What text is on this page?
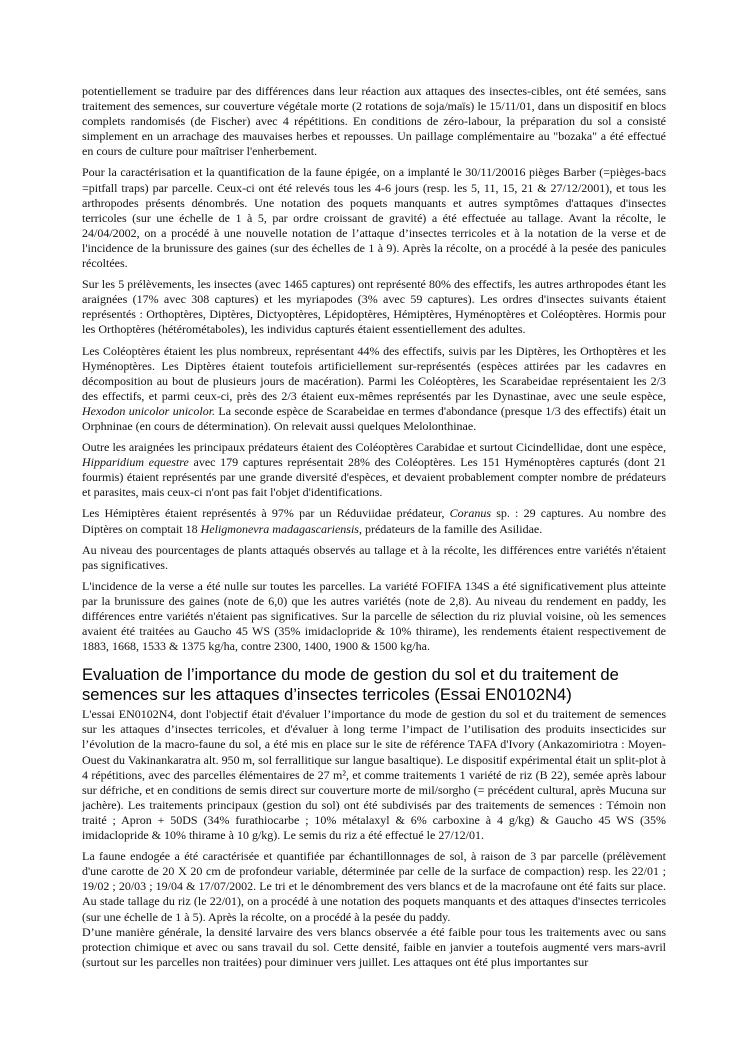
potentiellement se traduire par des différences dans leur réaction aux attaques des insectes-cibles, ont été semées, sans traitement des semences, sur couverture végétale morte (2 rotations de soja/maïs) le 15/11/01, dans un dispositif en blocs complets randomisés (de Fischer) avec 4 répétitions. En conditions de zéro-labour, la préparation du sol a consisté simplement en un arrachage des mauvaises herbes et repousses. Un paillage complémentaire au "bozaka" a été effectué en cours de culture pour maîtriser l'enherbement.

Pour la caractérisation et la quantification de la faune épigée, on a implanté le 30/11/20016 pièges Barber (=pièges-bacs =pitfall traps) par parcelle. Ceux-ci ont été relevés tous les 4-6 jours (resp. les 5, 11, 15, 21 & 27/12/2001), et tous les arthropodes présents dénombrés. Une notation des poquets manquants et autres symptômes d'attaques d'insectes terricoles (sur une échelle de 1 à 5, par ordre croissant de gravité) a été effectuée au tallage. Avant la récolte, le 24/04/2002, on a procédé à une nouvelle notation de l’attaque d’insectes terricoles et à la notation de la verse et de l'incidence de la brunissure des gaines (sur des échelles de 1 à 9). Après la récolte, on a procédé à la pesée des panicules récoltées.

Sur les 5 prélèvements, les insectes (avec 1465 captures) ont représenté 80% des effectifs, les autres arthropodes étant les araignées (17% avec 308 captures) et les myriapodes (3% avec 59 captures). Les ordres d'insectes suivants étaient représentés : Orthoptères, Diptères, Dictyoptères, Lépidoptères, Hémiptères, Hyménoptères et Coléoptères. Hormis pour les Orthoptères (hétérométaboles), les individus capturés étaient essentiellement des adultes.

Les Coléoptères étaient les plus nombreux, représentant 44% des effectifs, suivis par les Diptères, les Orthoptères et les Hyménoptères. Les Diptères étaient toutefois artificiellement sur-représentés (espèces attirées par les cadavres en décomposition au bout de plusieurs jours de macération). Parmi les Coléoptères, les Scarabeidae représentaient les 2/3 des effectifs, et parmi ceux-ci, près des 2/3 étaient eux-mêmes représentés par les Dynastinae, avec une seule espèce, Hexodon unicolor unicolor. La seconde espèce de Scarabeidae en termes d'abondance (presque 1/3 des effectifs) était un Orphninae (en cours de détermination). On relevait aussi quelques Melolonthinae.

Outre les araignées les principaux prédateurs étaient des Coléoptères Carabidae et surtout Cicindellidae, dont une espèce, Hipparidium equestre avec 179 captures représentait 28% des Coléoptères. Les 151 Hyménoptères capturés (dont 21 fourmis) étaient représentés par une grande diversité d'espèces, et devaient probablement compter nombre de prédateurs et parasites, mais ceux-ci n'ont pas fait l'objet d'identifications.

Les Hémiptères étaient représentés à 97% par un Réduviidae prédateur, Coranus sp. : 29 captures. Au nombre des Diptères on comptait 18 Heligmonevra madagascariensis, prédateurs de la famille des Asilidae.

Au niveau des pourcentages de plants attaqués observés au tallage et à la récolte, les différences entre variétés n'étaient pas significatives.

L'incidence de la verse a été nulle sur toutes les parcelles. La variété FOFIFA 134S a été significativement plus atteinte par la brunissure des gaines (note de 6,0) que les autres variétés (note de 2,8). Au niveau du rendement en paddy, les différences entre variétés n'étaient pas significatives. Sur la parcelle de sélection du riz pluvial voisine, où les semences avaient été traitées au Gaucho 45 WS (35% imidaclopride & 10% thirame), les rendements étaient respectivement de 1883, 1668, 1533 & 1375 kg/ha, contre 2300, 1400, 1900 & 1500 kg/ha.

Evaluation de l’importance du mode de gestion du sol et du traitement de semences sur les attaques d’insectes terricoles (Essai EN0102N4)

L'essai EN0102N4, dont l'objectif était d'évaluer l’importance du mode de gestion du sol et du traitement de semences sur les attaques d’insectes terricoles, et d'évaluer à long terme l’impact de l’utilisation des produits insecticides sur l’évolution de la macro-faune du sol, a été mis en place sur le site de référence TAFA d'Ivory (Ankazomiriotra : Moyen-Ouest du Vakinankaratra alt. 950 m, sol ferrallitique sur langue basaltique). Le dispositif expérimental était un split-plot à 4 répétitions, avec des parcelles élémentaires de 27 m², et comme traitements 1 variété de riz (B 22), semée après labour sur défriche, et en conditions de semis direct sur couverture morte de mil/sorgho (= précédent cultural, après Mucuna sur jachère). Les traitements principaux (gestion du sol) ont été subdivisés par des traitements de semences : Témoin non traité ; Apron + 50DS (34% furathiocarbe ; 10% métalaxyl & 6% carboxine à 4 g/kg) & Gaucho 45 WS (35% imidaclopride & 10% thirame à 10 g/kg). Le semis du riz a été effectué le 27/12/01.

La faune endogée a été caractérisée et quantifiée par échantillonnages de sol, à raison de 3 par parcelle (prélèvement d'une carotte de 20 X 20 cm de profondeur variable, déterminée par celle de la surface de compaction) resp. les 22/01 ; 19/02 ; 20/03 ; 19/04 & 17/07/2002. Le tri et le dénombrement des vers blancs et de la macrofaune ont été faits sur place. Au stade tallage du riz (le 22/01), on a procédé à une notation des poquets manquants et des attaques d'insectes terricoles (sur une échelle de 1 à 5). Après la récolte, on a procédé à la pesée du paddy.

D’une manière générale, la densité larvaire des vers blancs observée a été faible pour tous les traitements avec ou sans protection chimique et avec ou sans travail du sol. Cette densité, faible en janvier a toutefois augmenté vers mars-avril (surtout sur les parcelles non traitées) pour diminuer vers juillet. Les attaques ont été plus importantes sur
